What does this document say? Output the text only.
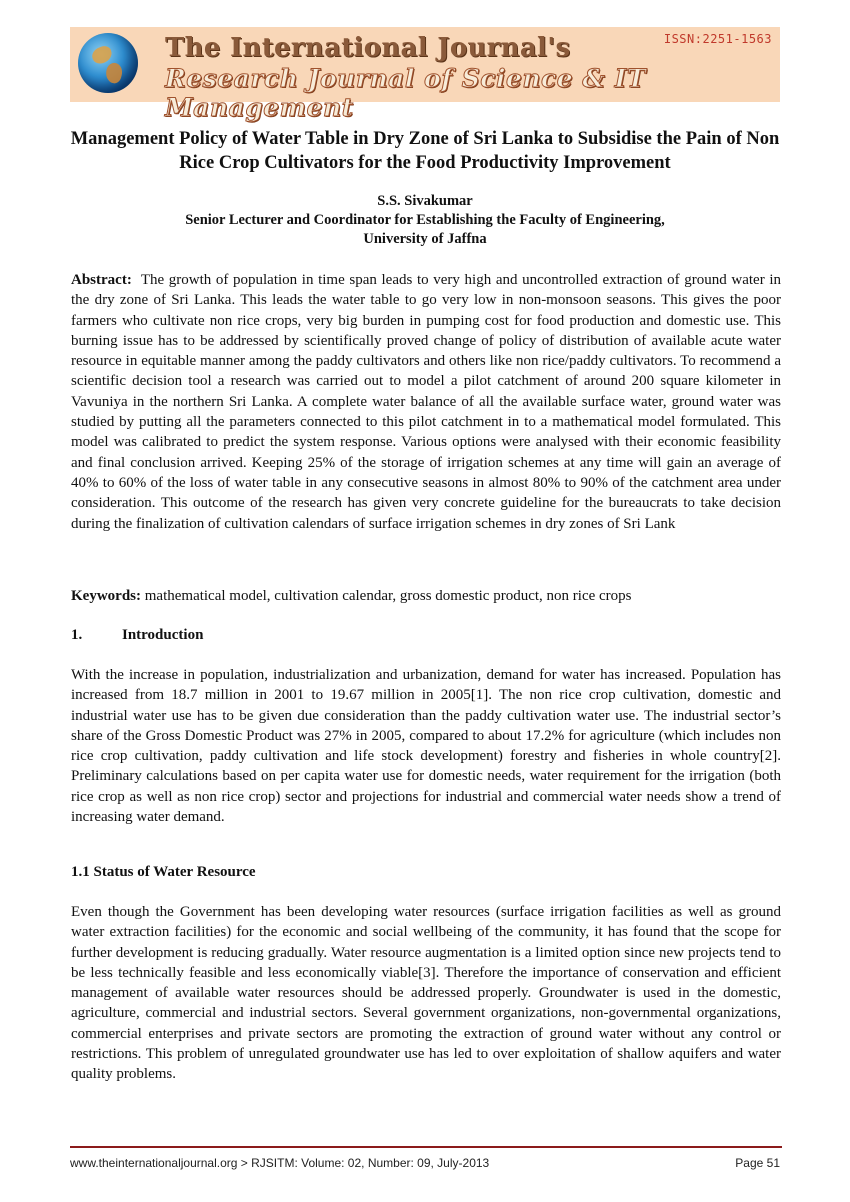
The International Journal's
Research Journal of Science & IT Management
ISSN:2251-1563
Management Policy of Water Table in Dry Zone of Sri Lanka to Subsidise the Pain of Non Rice Crop Cultivators for the Food Productivity Improvement
S.S. Sivakumar
Senior Lecturer and Coordinator for Establishing the Faculty of Engineering,
University of Jaffna
Abstract: The growth of population in time span leads to very high and uncontrolled extraction of ground water in the dry zone of Sri Lanka. This leads the water table to go very low in non-monsoon seasons. This gives the poor farmers who cultivate non rice crops, very big burden in pumping cost for food production and domestic use. This burning issue has to be addressed by scientifically proved change of policy of distribution of available acute water resource in equitable manner among the paddy cultivators and others like non rice/paddy cultivators. To recommend a scientific decision tool a research was carried out to model a pilot catchment of around 200 square kilometer in Vavuniya in the northern Sri Lanka. A complete water balance of all the available surface water, ground water was studied by putting all the parameters connected to this pilot catchment in to a mathematical model formulated. This model was calibrated to predict the system response. Various options were analysed with their economic feasibility and final conclusion arrived. Keeping 25% of the storage of irrigation schemes at any time will gain an average of 40% to 60% of the loss of water table in any consecutive seasons in almost 80% to 90% of the catchment area under consideration. This outcome of the research has given very concrete guideline for the bureaucrats to take decision during the finalization of cultivation calendars of surface irrigation schemes in dry zones of Sri Lank
Keywords: mathematical model, cultivation calendar, gross domestic product, non rice crops
1.	Introduction
With the increase in population, industrialization and urbanization, demand for water has increased. Population has increased from 18.7 million in 2001 to 19.67 million in 2005[1]. The non rice crop cultivation, domestic and industrial water use has to be given due consideration than the paddy cultivation water use. The industrial sector’s share of the Gross Domestic Product was 27% in 2005, compared to about 17.2% for agriculture (which includes non rice crop cultivation, paddy cultivation and life stock development) forestry and fisheries in whole country[2]. Preliminary calculations based on per capita water use for domestic needs, water requirement for the irrigation (both rice crop as well as non rice crop) sector and projections for industrial and commercial water needs show a trend of increasing water demand.
1.1 Status of Water Resource
Even though the Government has been developing water resources (surface irrigation facilities as well as ground water extraction facilities) for the economic and social wellbeing of the community, it has found that the scope for further development is reducing gradually. Water resource augmentation is a limited option since new projects tend to be less technically feasible and less economically viable[3]. Therefore the importance of conservation and efficient management of available water resources should be addressed properly. Groundwater is used in the domestic, agriculture, commercial and industrial sectors. Several government organizations, non-governmental organizations, commercial enterprises and private sectors are promoting the extraction of ground water without any control or restrictions. This problem of unregulated groundwater use has led to over exploitation of shallow aquifers and water quality problems.
www.theinternationaljournal.org > RJSITM: Volume: 02, Number: 09, July-2013	Page 51
